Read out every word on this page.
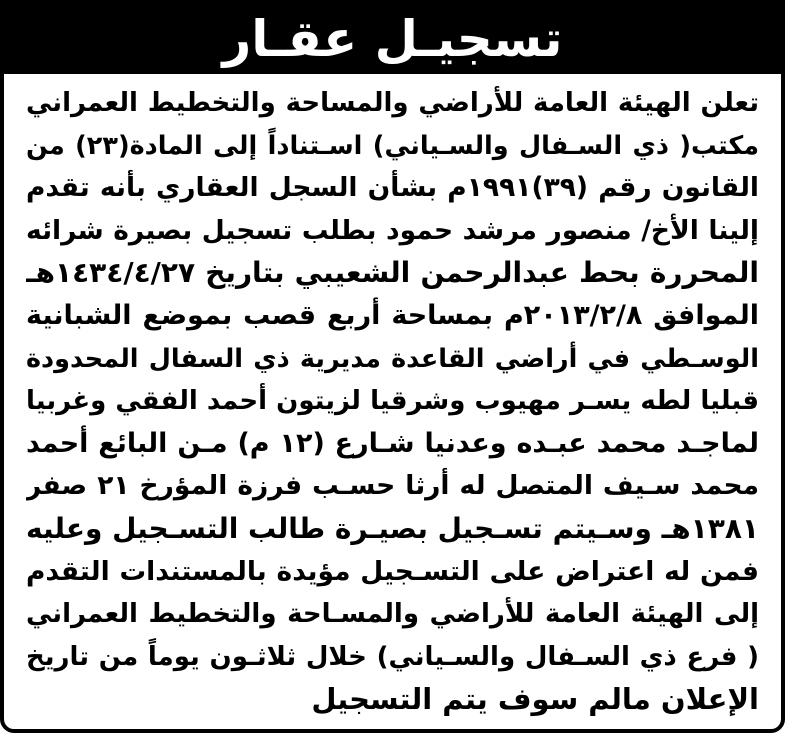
تسجيـل عقـار
تعلن الهيئة العامة للأراضي والمساحة والتخطيط العمراني
مكتب( ذي السـفال والسـياني) اسـتناداً إلى المادة(٢٣) من
القانون رقم (٣٩)١٩٩١م بشأن السجل العقاري بأنه تقدم
إلينا الأخ/ منصور مرشد حمود بطلب تسجيل بصيرة شرائه
المحررة بحط عبدالرحمن الشعيبي بتاريخ ١٤٣٤/٤/٢٧هـ
الموافق ٢٠١٣/٢/٨م بمساحة أربع قصب بموضع الشبانية
الوسـطي في أراضي القاعدة مديرية ذي السفال المحدودة
قبليا لطه يسـر مهيوب وشرقيا لزيتون أحمد الفقي وغربيا
لماجـد محمد عبـده وعدنيا شـارع (١٢ م) مـن البائع أحمد
محمد سـيف المتصل له أرثا حسـب فرزة المؤرخ ٢١ صفر
١٣٨١هـ وسـيتم تسـجيل بصيـرة طالب التسـجيل وعليه
فمن له اعتراض على التسـجيل مؤيدة بالمستندات التقدم
إلى الهيئة العامة للأراضي والمسـاحة والتخطيط العمراني
( فرع ذي السـفال والسـياني) خلال ثلاثـون يوماً من تاريخ
الإعلان مالم سوف يتم التسجيل
